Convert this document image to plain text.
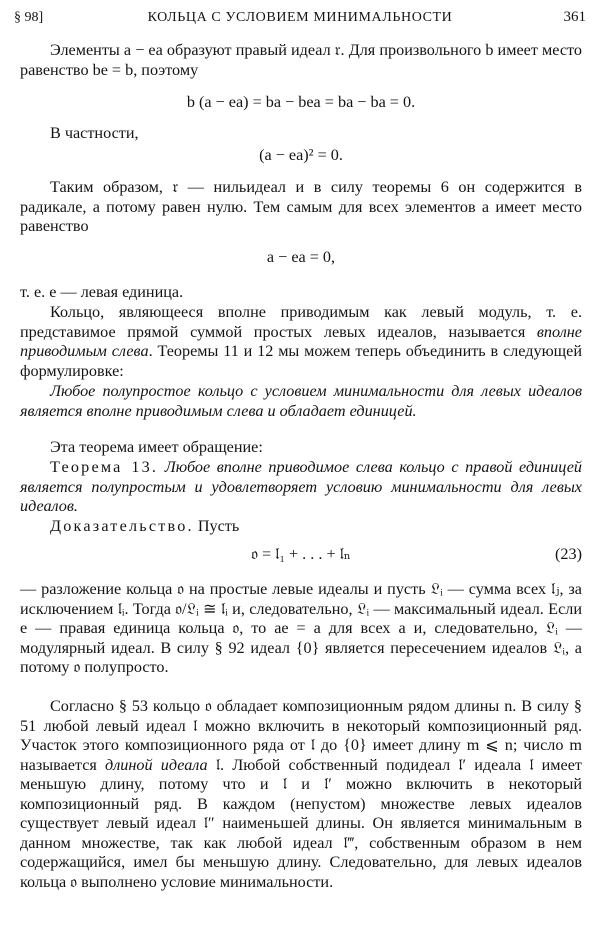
§ 98]	КОЛЬЦА С УСЛОВИЕМ МИНИМАЛЬНОСТИ	361

Элементы a − ea образуют правый идеал 𝔯. Для произвольного b имеет место равенство be = b, поэтому

b (a − ea) = ba − bea = ba − ba = 0.

В частности,

(a − ea)² = 0.

Таким образом, 𝔯 — нильидеал и в силу теоремы 6 он содержится в радикале, а потому равен нулю. Тем самым для всех элементов a имеет место равенство

a − ea = 0,

т. е. e — левая единица.

Кольцо, являющееся вполне приводимым как левый модуль, т. е. представимое прямой суммой простых левых идеалов, называется вполне приводимым слева. Теоремы 11 и 12 мы можем теперь объединить в следующей формулировке:

Любое полупростое кольцо с условием минимальности для левых идеалов является вполне приводимым слева и обладает единицей.

Эта теорема имеет обращение:

Теорема 13. Любое вполне приводимое слева кольцо с правой единицей является полупростым и удовлетворяет условию минимальности для левых идеалов.

Доказательство. Пусть

𝔬 = 𝔩₁ + . . . + 𝔩ₙ	(23)

— разложение кольца 𝔬 на простые левые идеалы и пусть 𝔏ᵢ — сумма всех 𝔩ⱼ, за исключением 𝔩ᵢ. Тогда 𝔬/𝔏ᵢ ≅ 𝔩ᵢ и, следовательно, 𝔏ᵢ — максимальный идеал. Если e — правая единица кольца 𝔬, то ae = a для всех a и, следовательно, 𝔏ᵢ — модулярный идеал. В силу § 92 идеал {0} является пересечением идеалов 𝔏ᵢ, а потому 𝔬 полупросто.

Согласно § 53 кольцо 𝔬 обладает композиционным рядом длины n. В силу § 51 любой левый идеал 𝔩 можно включить в некоторый композиционный ряд. Участок этого композиционного ряда от 𝔩 до {0} имеет длину m ⩽ n; число m называется длиной идеала 𝔩. Любой собственный подидеал 𝔩′ идеала 𝔩 имеет меньшую длину, потому что и 𝔩 и 𝔩′ можно включить в некоторый композиционный ряд. В каждом (непустом) множестве левых идеалов существует левый идеал 𝔩″ наименьшей длины. Он является минимальным в данном множестве, так как любой идеал 𝔩‴, собственным образом в нем содержащийся, имел бы меньшую длину. Следовательно, для левых идеалов кольца 𝔬 выполнено условие минимальности.
